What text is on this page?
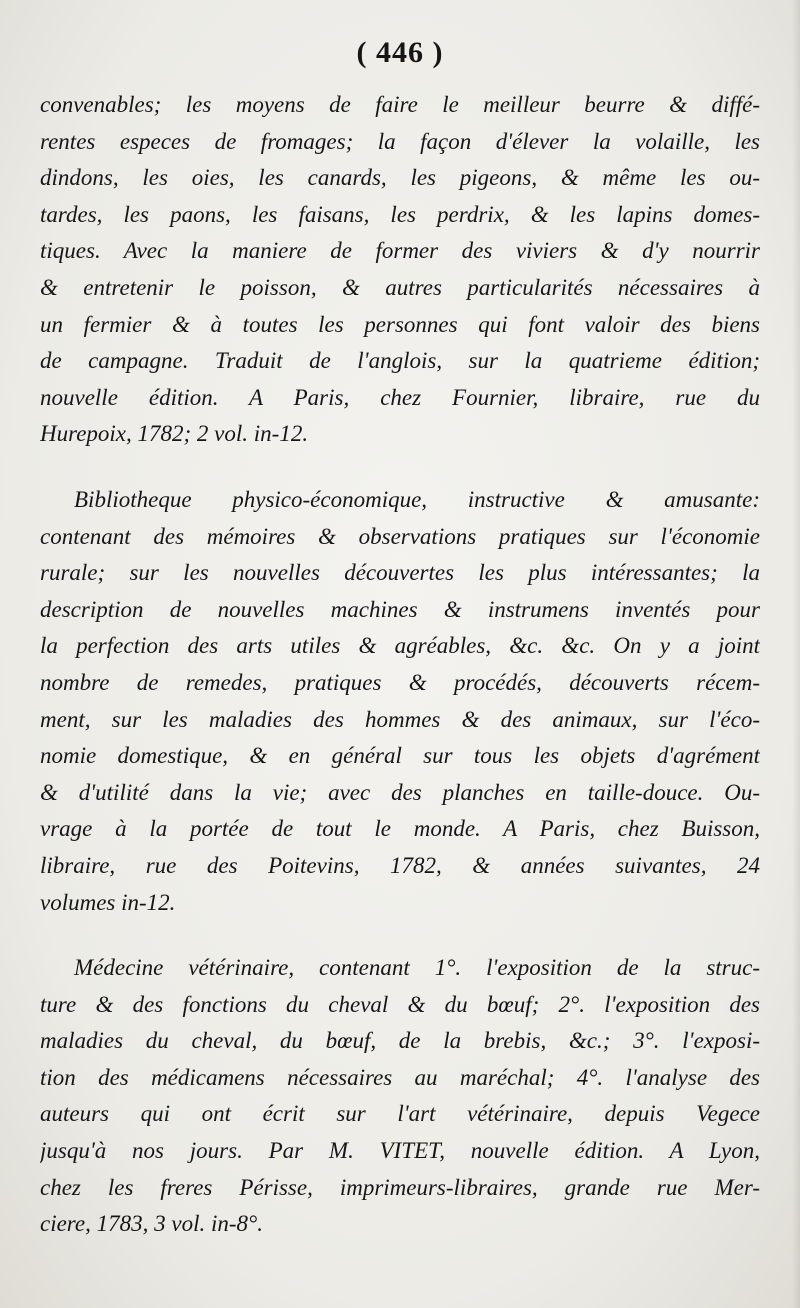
( 446 )
convenables; les moyens de faire le meilleur beurre & diffé-
rentes especes de fromages; la façon d'élever la volaille, les
dindons, les oies, les canards, les pigeons, & même les ou-
tardes, les paons, les faisans, les perdrix, & les lapins domes-
tiques. Avec la maniere de former des viviers & d'y nourrir
& entretenir le poisson, & autres particularités nécessaires à
un fermier & à toutes les personnes qui font valoir des biens
de campagne. Traduit de l'anglois, sur la quatrieme édition;
nouvelle édition. A Paris, chez Fournier, libraire, rue du
Hurepoix, 1782; 2 vol. in-12.
Bibliotheque physico-économique, instructive & amusante:
contenant des mémoires & observations pratiques sur l'économie
rurale; sur les nouvelles découvertes les plus intéressantes; la
description de nouvelles machines & instrumens inventés pour
la perfection des arts utiles & agréables, &c. &c. On y a joint
nombre de remedes, pratiques & procédés, découverts récem-
ment, sur les maladies des hommes & des animaux, sur l'éco-
nomie domestique, & en général sur tous les objets d'agrément
& d'utilité dans la vie; avec des planches en taille-douce. Ou-
vrage à la portée de tout le monde. A Paris, chez Buisson,
libraire, rue des Poitevins, 1782, & années suivantes, 24
volumes in-12.
Médecine vétérinaire, contenant 1°. l'exposition de la struc-
ture & des fonctions du cheval & du bœuf; 2°. l'exposition des
maladies du cheval, du bœuf, de la brebis, &c.; 3°. l'exposi-
tion des médicamens nécessaires au maréchal; 4°. l'analyse des
auteurs qui ont écrit sur l'art vétérinaire, depuis Vegece
jusqu'à nos jours. Par M. VITET, nouvelle édition. A Lyon,
chez les freres Périsse, imprimeurs-libraires, grande rue Mer-
ciere, 1783, 3 vol. in-8°.
